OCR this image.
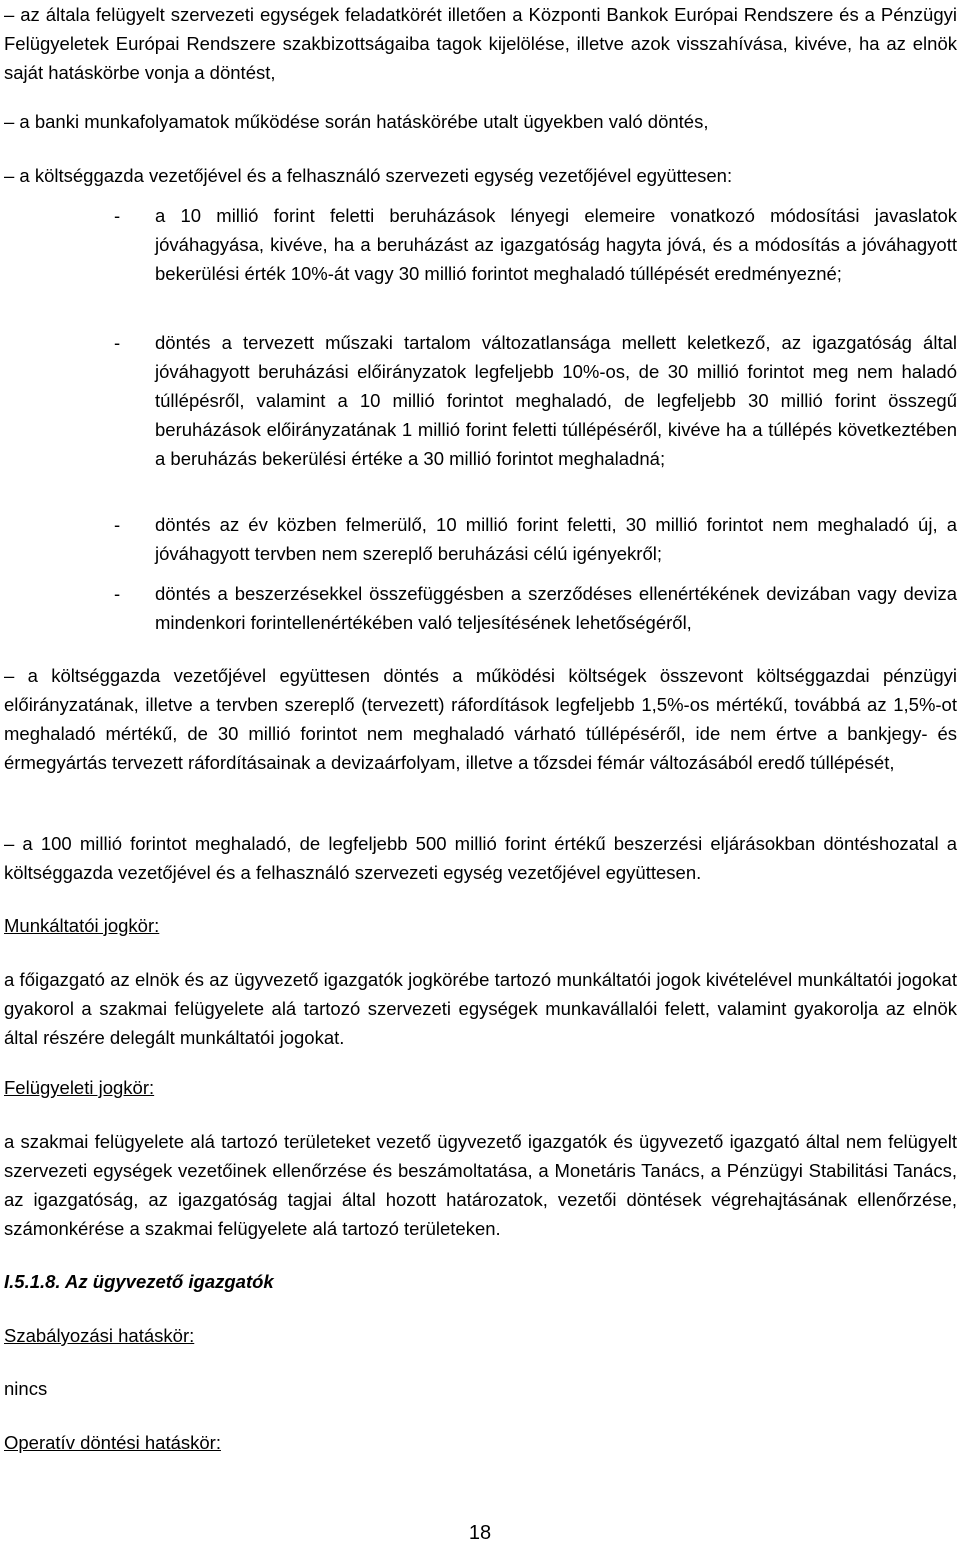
– az általa felügyelt szervezeti egységek feladatkörét illetően a Központi Bankok Európai Rendszere és a Pénzügyi Felügyeletek Európai Rendszere szakbizottságaiba tagok kijelölése, illetve azok visszahívása, kivéve, ha az elnök saját hatáskörbe vonja a döntést,

– a banki munkafolyamatok működése során hatáskörébe utalt ügyekben való döntés,

– a költséggazda vezetőjével és a felhasználó szervezeti egység vezetőjével együttesen:

-	a 10 millió forint feletti beruházások lényegi elemeire vonatkozó módosítási javaslatok jóváhagyása, kivéve, ha a beruházást az igazgatóság hagyta jóvá, és a módosítás a jóváhagyott bekerülési érték 10%-át vagy 30 millió forintot meghaladó túllépését eredményezné;
-	döntés a tervezett műszaki tartalom változatlansága mellett keletkező, az igazgatóság által jóváhagyott beruházási előirányzatok legfeljebb 10%-os, de 30 millió forintot meg nem haladó túllépésről, valamint a 10 millió forintot meghaladó, de legfeljebb 30 millió forint összegű beruházások előirányzatának 1 millió forint feletti túllépéséről, kivéve ha a túllépés következtében a beruházás bekerülési értéke a 30 millió forintot meghaladná;
-	döntés az év közben felmerülő, 10 millió forint feletti, 30 millió forintot nem meghaladó új, a jóváhagyott tervben nem szereplő beruházási célú igényekről;
-	döntés a beszerzésekkel összefüggésben a szerződéses ellenértékének devizában vagy deviza mindenkori forintellenértékében való teljesítésének lehetőségéről,

– a költséggazda vezetőjével együttesen döntés a működési költségek összevont költséggazdai pénzügyi előirányzatának, illetve a tervben szereplő (tervezett) ráfordítások legfeljebb 1,5%-os mértékű, továbbá az 1,5%-ot meghaladó mértékű, de 30 millió forintot nem meghaladó várható túllépéséről, ide nem értve a bankjegy- és érmegyártás tervezett ráfordításainak a devizaárfolyam, illetve a tőzsdei fémár változásából eredő túllépését,

– a 100 millió forintot meghaladó, de legfeljebb 500 millió forint értékű beszerzési eljárásokban döntéshozatal a költséggazda vezetőjével és a felhasználó szervezeti egység vezetőjével együttesen.

Munkáltatói jogkör:

a főigazgató az elnök és az ügyvezető igazgatók jogkörébe tartozó munkáltatói jogok kivételével munkáltatói jogokat gyakorol a szakmai felügyelete alá tartozó szervezeti egységek munkavállalói felett, valamint gyakorolja az elnök által részére delegált munkáltatói jogokat.

Felügyeleti jogkör:

a szakmai felügyelete alá tartozó területeket vezető ügyvezető igazgatók és ügyvezető igazgató által nem felügyelt szervezeti egységek vezetőinek ellenőrzése és beszámoltatása, a Monetáris Tanács, a Pénzügyi Stabilitási Tanács, az igazgatóság, az igazgatóság tagjai által hozott határozatok, vezetői döntések végrehajtásának ellenőrzése, számonkérése a szakmai felügyelete alá tartozó területeken.

I.5.1.8. Az ügyvezető igazgatók

Szabályozási hatáskör:

nincs

Operatív döntési hatáskör:

18
